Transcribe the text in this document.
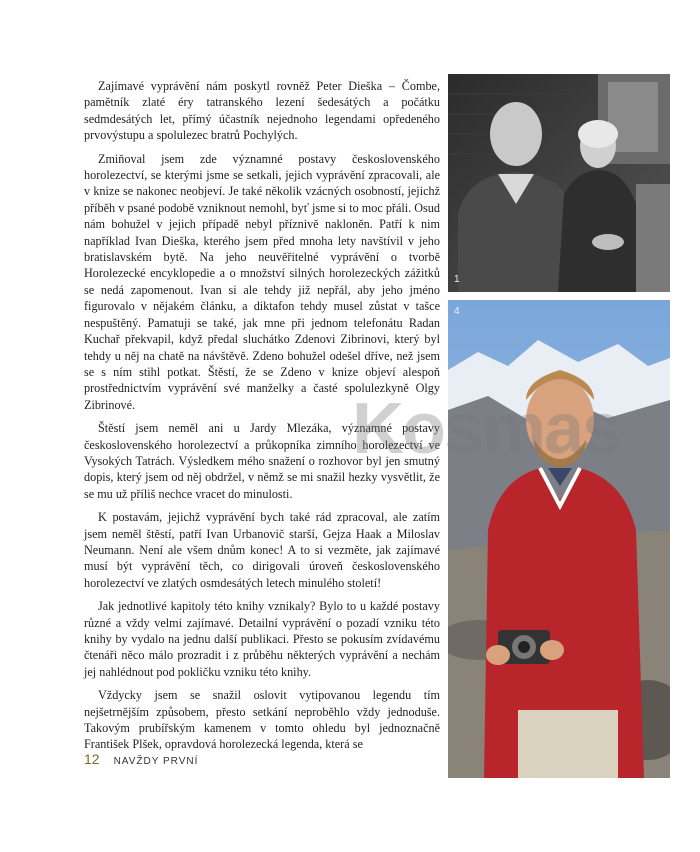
Zajímavé vyprávění nám poskytl rovněž Peter Dieška – Čombe, pamětník zlaté éry tatranského lezení šedesátých a počátku sedmdesátých let, přímý účastník nejednoho legendami opředeného prvovýstupu a spolulezec bratrů Pochylých.

Zmiňoval jsem zde významné postavy československého horolezectví, se kterými jsme se setkali, jejich vyprávění zpracovali, ale v knize se nakonec neobjeví. Je také několik vzácných osobností, jejichž příběh v psané podobě vzniknout nemohl, byť jsme si to moc přáli. Osud nám bohužel v jejich případě nebyl příznivě nakloněn. Patří k nim například Ivan Dieška, kterého jsem před mnoha lety navštívil v jeho bratislavském bytě. Na jeho neuvěřitelné vyprávění o tvorbě Horolezecké encyklopedie a o množství silných horolezeckých zážitků se nedá zapomenout. Ivan si ale tehdy již nepřál, aby jeho jméno figurovalo v nějakém článku, a diktafon tehdy musel zůstat v tašce nespuštěný. Pamatuji se také, jak mne při jednom telefonátu Radan Kuchař překvapil, když předal sluchátko Zdenovi Zibrinovi, který byl tehdy u něj na chatě na návštěvě. Zdeno bohužel odešel dříve, než jsem se s ním stihl potkat. Štěstí, že se Zdeno v knize objeví alespoň prostřednictvím vyprávění své manželky a časté spolulezkyně Olgy Zibrinové.

Štěstí jsem neměl ani u Jardy Mlezáka, významné postavy československého horolezectví a průkopníka zimního horolezectví ve Vysokých Tatrách. Výsledkem mého snažení o rozhovor byl jen smutný dopis, který jsem od něj obdržel, v němž se mi snažil hezky vysvětlit, že se mu už příliš nechce vracet do minulosti.

K postavám, jejichž vyprávění bych také rád zpracoval, ale zatím jsem neměl štěstí, patří Ivan Urbanovič starší, Gejza Haak a Miloslav Neumann. Není ale všem dnům konec! A to si vezměte, jak zajímavé musí být vyprávění těch, co dirigovali úroveň československého horolezectví ve zlatých osmdesátých letech minulého století!

Jak jednotlivé kapitoly této knihy vznikaly? Bylo to u každé postavy různé a vždy velmi zajímavé. Detailní vyprávění o pozadí vzniku této knihy by vydalo na jednu další publikaci. Přesto se pokusím zvídavému čtenáři něco málo prozradit i z průběhu některých vyprávění a nechám jej nahlédnout pod pokličku vzniku této knihy.

Vždycky jsem se snažil oslovit vytipovanou legendu tím nejšetrnějším způsobem, přesto setkání neproběhlo vždy jednoduše. Takovým prubířským kamenem v tomto ohledu byl jednoznačně František Plšek, opravdová horolezecká legenda, která se

1
4
Kosmas
12 NAVŽDY PRVNÍ
